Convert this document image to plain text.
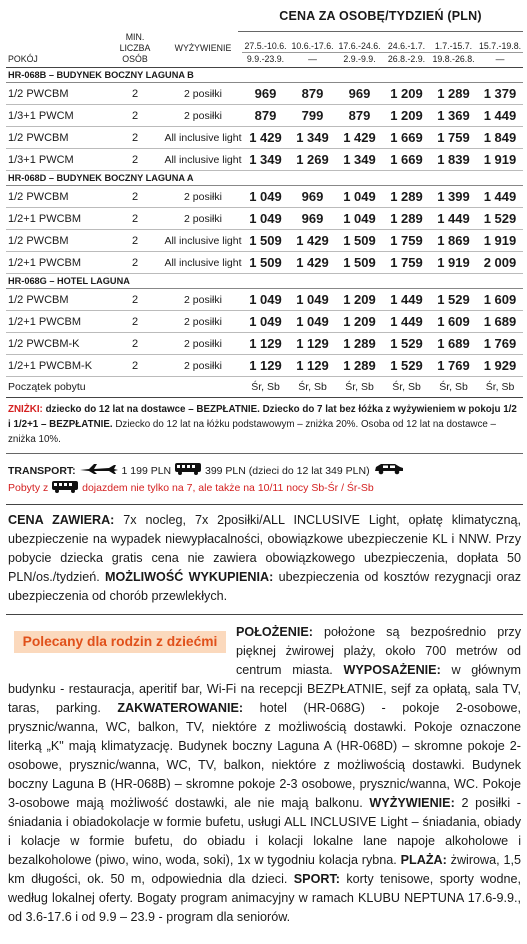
CENA ZA OSOBĘ/TYDZIEŃ (PLN)
POKÓJ	MIN.
LICZBA
OSÓB	WYŻYWIENIE	27.5.-10.6.	10.6.-17.6.	17.6.-24.6.	24.6.-1.7.	1.7.-15.7.	15.7.-19.8.
			9.9.-23.9.	—	2.9.-9.9.	26.8.-2.9.	19.8.-26.8.	—

HR-068B – BUDYNEK BOCZNY LAGUNA B								
1/2 PWCBM	2	2 posiłki	969	879	969	1 209	1 289	1 379
1/3+1 PWCM	2	2 posiłki	879	799	879	1 209	1 369	1 449
1/2 PWCBM	2	All inclusive light	1 429	1 349	1 429	1 669	1 759	1 849
1/3+1 PWCM	2	All inclusive light	1 349	1 269	1 349	1 669	1 839	1 919
HR-068D – BUDYNEK BOCZNY LAGUNA A								
1/2 PWCBM	2	2 posiłki	1 049	969	1 049	1 289	1 399	1 449
1/2+1 PWCBM	2	2 posiłki	1 049	969	1 049	1 289	1 449	1 529
1/2 PWCBM	2	All inclusive light	1 509	1 429	1 509	1 759	1 869	1 919
1/2+1 PWCBM	2	All inclusive light	1 509	1 429	1 509	1 759	1 919	2 009
HR-068G – HOTEL LAGUNA								
1/2 PWCBM	2	2 posiłki	1 049	1 049	1 209	1 449	1 529	1 609
1/2+1 PWCBM	2	2 posiłki	1 049	1 049	1 209	1 449	1 609	1 689
1/2 PWCBM-K	2	2 posiłki	1 129	1 129	1 289	1 529	1 689	1 769
1/2+1 PWCBM-K	2	2 posiłki	1 129	1 129	1 289	1 529	1 769	1 929
Początek pobytu			Śr, Sb	Śr, Sb	Śr, Sb	Śr, Sb	Śr, Sb	Śr, Sb
ZNIŻKI: dziecko do 12 lat na dostawce – BEZPŁATNIE. Dziecko do 7 lat bez łóżka z wyżywieniem w pokoju 1/2 i 1/2+1 – BEZPŁATNIE. Dziecko do 12 lat na łóżku podstawowym – zniżka 20%. Osoba od 12 lat na dostawce – zniżka 10%.
TRANSPORT:	1 199 PLN	399 PLN (dzieci do 12 lat 349 PLN)
Pobyty z	dojazdem nie tylko na 7, ale także na 10/11 nocy Sb-Śr / Śr-Sb
CENA ZAWIERA: 7x nocleg, 7x 2posiłki/ALL INCLUSIVE Light, opłatę klimatyczną, ubezpieczenie na wypadek niewypłacalności, obowiązkowe ubezpieczenie KL i NNW. Przy pobycie dziecka gratis cena nie zawiera obowiązkowego ubezpieczenia, dopłata 50 PLN/os./tydzień. MOŻLIWOŚĆ WYKUPIENIA: ubezpieczenia od kosztów rezygnacji oraz ubezpieczenia od chorób przewlekłych.
Polecany dla rodzin z dziećmi
POŁOŻENIE: położone są bezpośrednio przy pięknej żwirowej plaży, około 700 metrów od centrum miasta. WYPOSAŻENIE: w głównym budynku - restauracja, aperitif bar, Wi-Fi na recepcji BEZPŁATNIE, sejf za opłatą, sala TV, taras, parking. ZAKWATEROWANIE: hotel (HR-068G) - pokoje 2-osobowe, prysznic/wanna, WC, balkon, TV, niektóre z możliwością dostawki. Pokoje oznaczone literką „K" mają klimatyzację. Budynek boczny Laguna A (HR-068D) – skromne pokoje 2-osobowe, prysznic/wanna, WC, TV, balkon, niektóre z możliwością dostawki. Budynek boczny Laguna B (HR-068B) – skromne pokoje 2-3 osobowe, prysznic/wanna, WC. Pokoje 3-osobowe mają możliwość dostawki, ale nie mają balkonu. WYŻYWIENIE: 2 posiłki - śniadania i obiadokolacje w formie bufetu, usługi ALL INCLUSIVE Light – śniadania, obiady i kolacje w formie bufetu, do obiadu i kolacji lokalne lane napoje alkoholowe i bezalkoholowe (piwo, wino, woda, soki), 1x w tygodniu kolacja rybna. PLAŻA: żwirowa, 1,5 km długości, ok. 50 m, odpowiednia dla dzieci. SPORT: korty tenisowe, sporty wodne, według lokalnej oferty. Bogaty program animacyjny w ramach KLUBU NEPTUNA 17.6-9.9., od 3.6-17.6 i od 9.9 – 23.9 - program dla seniorów.
